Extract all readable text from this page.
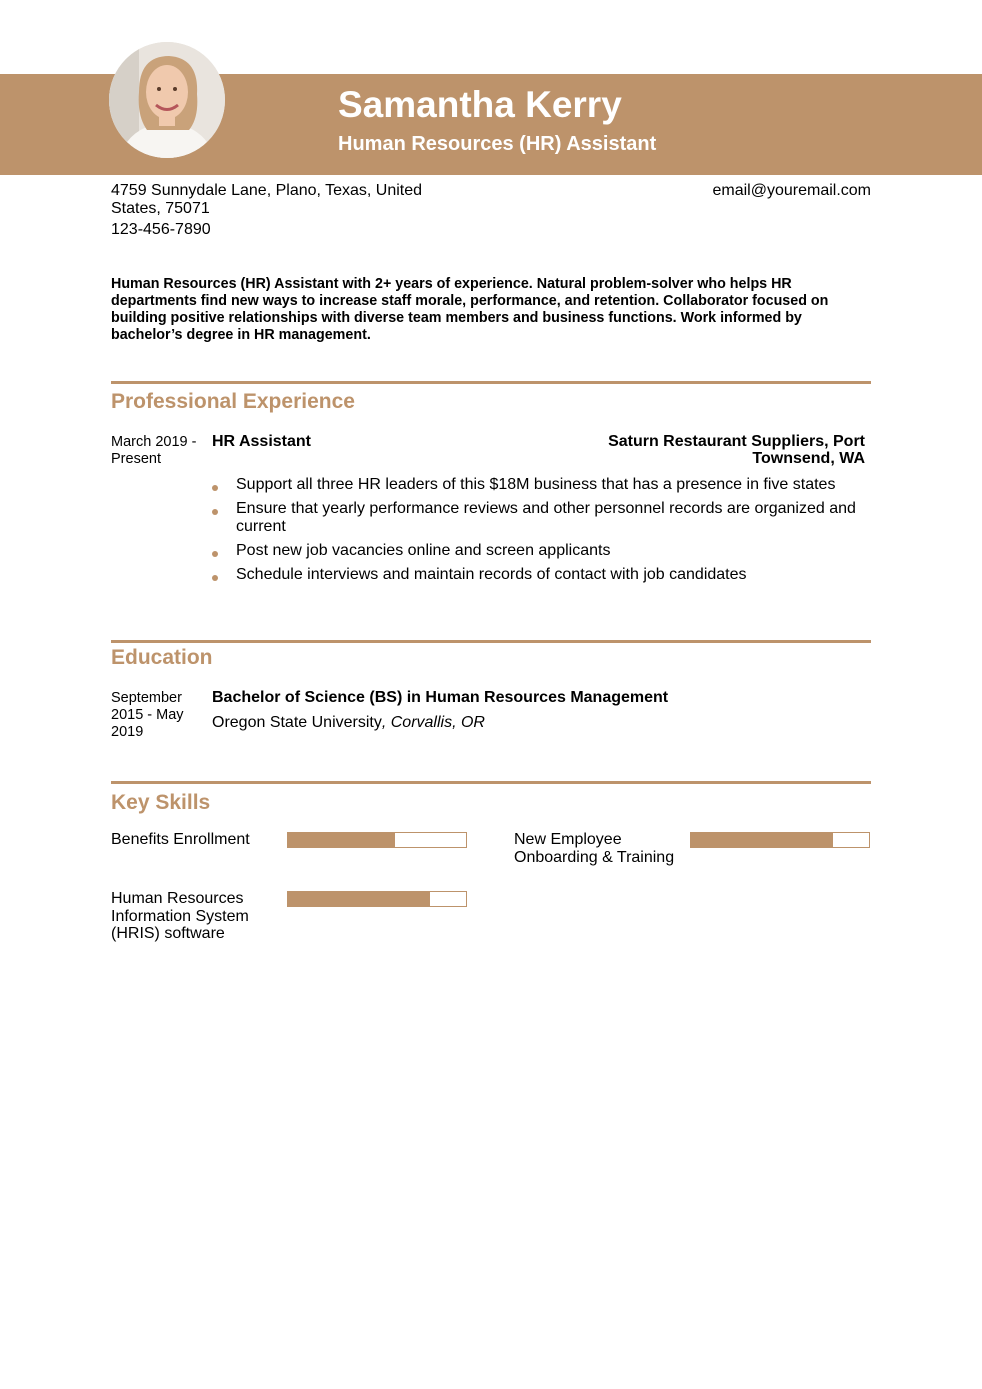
Samantha Kerry
Human Resources (HR) Assistant
4759 Sunnydale Lane, Plano, Texas, United States, 75071
123-456-7890
email@youremail.com

Human Resources (HR) Assistant with 2+ years of experience. Natural problem-solver who helps HR departments find new ways to increase staff morale, performance, and retention. Collaborator focused on building positive relationships with diverse team members and business functions. Work informed by bachelor’s degree in HR management.

Professional Experience
March 2019 - Present
HR Assistant	Saturn Restaurant Suppliers, Port Townsend, WA
Support all three HR leaders of this $18M business that has a presence in five states
Ensure that yearly performance reviews and other personnel records are organized and current
Post new job vacancies online and screen applicants
Schedule interviews and maintain records of contact with job candidates
Education
September 2015 - May 2019
Bachelor of Science (BS) in Human Resources Management
Oregon State University, Corvallis, OR
Key Skills
Benefits Enrollment	New Employee Onboarding & Training
Human Resources Information System (HRIS) software
